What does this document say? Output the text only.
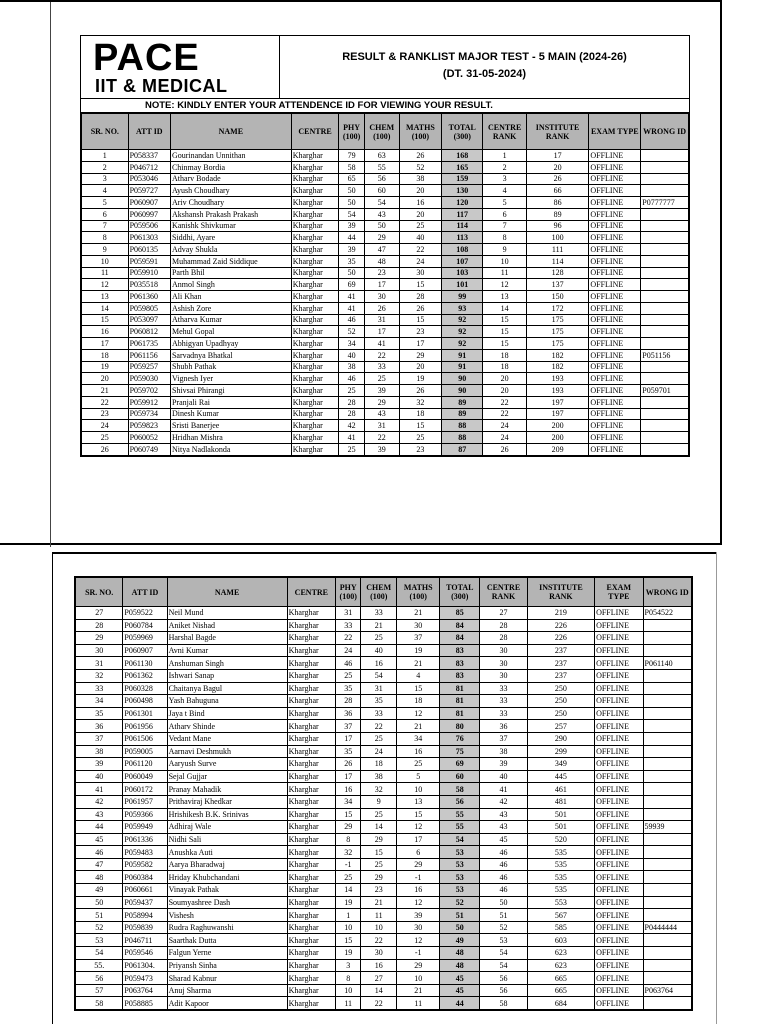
PACE
IIT & MEDICAL
RESULT & RANKLIST MAJOR TEST - 5 MAIN (2024-26)
(DT. 31-05-2024)
NOTE: KINDLY ENTER YOUR ATTENDENCE ID FOR VIEWING YOUR RESULT.
SR. NO.	ATT ID	NAME	CENTRE	PHY (100)	CHEM (100)	MATHS (100)	TOTAL (300)	CENTRE RANK	INSTITUTE RANK	EXAM TYPE	WRONG ID
1	P058337	Gourinandan Unnithan	Kharghar	79	63	26	168	1	17	OFFLINE	
2	P046712	Chinmay Bordia	Kharghar	58	55	52	165	2	20	OFFLINE	
3	P053046	Atharv Bodade	Kharghar	65	56	38	159	3	26	OFFLINE	
4	P059727	Ayush Choudhary	Kharghar	50	60	20	130	4	66	OFFLINE	
5	P060907	Ariv Choudhary	Kharghar	50	54	16	120	5	86	OFFLINE	P0777777
6	P060997	Akshansh Prakash Prakash	Kharghar	54	43	20	117	6	89	OFFLINE	
7	P059506	Kanishk Shivkumar	Kharghar	39	50	25	114	7	96	OFFLINE	
8	P061303	Siddhi, Ayare	Kharghar	44	29	40	113	8	100	OFFLINE	
9	P060135	Advay Shukla	Kharghar	39	47	22	108	9	111	OFFLINE	
10	P059591	Muhammad Zaid Siddique	Kharghar	35	48	24	107	10	114	OFFLINE	
11	P059910	Parth Bhil	Kharghar	50	23	30	103	11	128	OFFLINE	
12	P035518	Anmol Singh	Kharghar	69	17	15	101	12	137	OFFLINE	
13	P061360	Ali Khan	Kharghar	41	30	28	99	13	150	OFFLINE	
14	P059805	Ashish Zore	Kharghar	41	26	26	93	14	172	OFFLINE	
15	P053097	Atharva Kumar	Kharghar	46	31	15	92	15	175	OFFLINE	
16	P060812	Mehul Gopal	Kharghar	52	17	23	92	15	175	OFFLINE	
17	P061735	Abhigyan Upadhyay	Kharghar	34	41	17	92	15	175	OFFLINE	
18	P061156	Sarvadnya Bhatkal	Kharghar	40	22	29	91	18	182	OFFLINE	P051156
19	P059257	Shubh Pathak	Kharghar	38	33	20	91	18	182	OFFLINE	
20	P059030	Vignesh Iyer	Kharghar	46	25	19	90	20	193	OFFLINE	
21	P059702	Shivsai Phirangi	Kharghar	25	39	26	90	20	193	OFFLINE	P059701
22	P059912	Pranjali Rai	Kharghar	28	29	32	89	22	197	OFFLINE	
23	P059734	Dinesh Kumar	Kharghar	28	43	18	89	22	197	OFFLINE	
24	P059823	Sristi Banerjee	Kharghar	42	31	15	88	24	200	OFFLINE	
25	P060052	Hridhan Mishra	Kharghar	41	22	25	88	24	200	OFFLINE	
26	P060749	Nitya Nadlakonda	Kharghar	25	39	23	87	26	209	OFFLINE	
SR. NO.	ATT ID	NAME	CENTRE	PHY (100)	CHEM (100)	MATHS (100)	TOTAL (300)	CENTRE RANK	INSTITUTE RANK	EXAM TYPE	WRONG ID
27	P059522	Neil Mund	Kharghar	31	33	21	85	27	219	OFFLINE	P054522
28	P060784	Aniket Nishad	Kharghar	33	21	30	84	28	226	OFFLINE	
29	P059969	Harshal Bagde	Kharghar	22	25	37	84	28	226	OFFLINE	
30	P060907	Avni Kumar	Kharghar	24	40	19	83	30	237	OFFLINE	
31	P061130	Anshuman Singh	Kharghar	46	16	21	83	30	237	OFFLINE	P061140
32	P061362	Ishwari Sanap	Kharghar	25	54	4	83	30	237	OFFLINE	
33	P060328	Chaitanya Bagul	Kharghar	35	31	15	81	33	250	OFFLINE	
34	P060498	Yash Bahuguna	Kharghar	28	35	18	81	33	250	OFFLINE	
35	P061301	Jaya t Bind	Kharghar	36	33	12	81	33	250	OFFLINE	
36	P061956	Atharv Shinde	Kharghar	37	22	21	80	36	257	OFFLINE	
37	P061506	Vedant Mane	Kharghar	17	25	34	76	37	290	OFFLINE	
38	P059005	Aarnavi Deshmukh	Kharghar	35	24	16	75	38	299	OFFLINE	
39	P061120	Aaryush Surve	Kharghar	26	18	25	69	39	349	OFFLINE	
40	P060049	Sejal Gujjar	Kharghar	17	38	5	60	40	445	OFFLINE	
41	P060172	Pranay Mahadik	Kharghar	16	32	10	58	41	461	OFFLINE	
42	P061957	Prithaviraj Khedkar	Kharghar	34	9	13	56	42	481	OFFLINE	
43	P059366	Hrishikesh B.K. Srinivas	Kharghar	15	25	15	55	43	501	OFFLINE	
44	P059949	Adhiraj Wale	Kharghar	29	14	12	55	43	501	OFFLINE	59939
45	P061336	Nidhi Sali	Kharghar	8	29	17	54	45	520	OFFLINE	
46	P059483	Anushka Auti	Kharghar	32	15	6	53	46	535	OFFLINE	
47	P059582	Aarya Bharadwaj	Kharghar	-1	25	29	53	46	535	OFFLINE	
48	P060384	Hriday Khubchandani	Kharghar	25	29	-1	53	46	535	OFFLINE	
49	P060661	Vinayak Pathak	Kharghar	14	23	16	53	46	535	OFFLINE	
50	P059437	Soumyashree Dash	Kharghar	19	21	12	52	50	553	OFFLINE	
51	P058994	Vishesh	Kharghar	1	11	39	51	51	567	OFFLINE	
52	P059839	Rudra Raghuwanshi	Kharghar	10	10	30	50	52	585	OFFLINE	P0444444
53	P046711	Saarthak Dutta	Kharghar	15	22	12	49	53	603	OFFLINE	
54	P059546	Falgun Yerne	Kharghar	19	30	-1	48	54	623	OFFLINE	
55.	P061304.	Priyansh Sinha	Kharghar	3	16	29	48	54	623	OFFLINE	
56	P059473	Sharad Kabnur	Kharghar	8	27	10	45	56	665	OFFLINE	
57	P063764	Anuj Sharma	Kharghar	10	14	21	45	56	665	OFFLINE	P063764
58	P058885	Adit Kapoor	Kharghar	11	22	11	44	58	684	OFFLINE	
